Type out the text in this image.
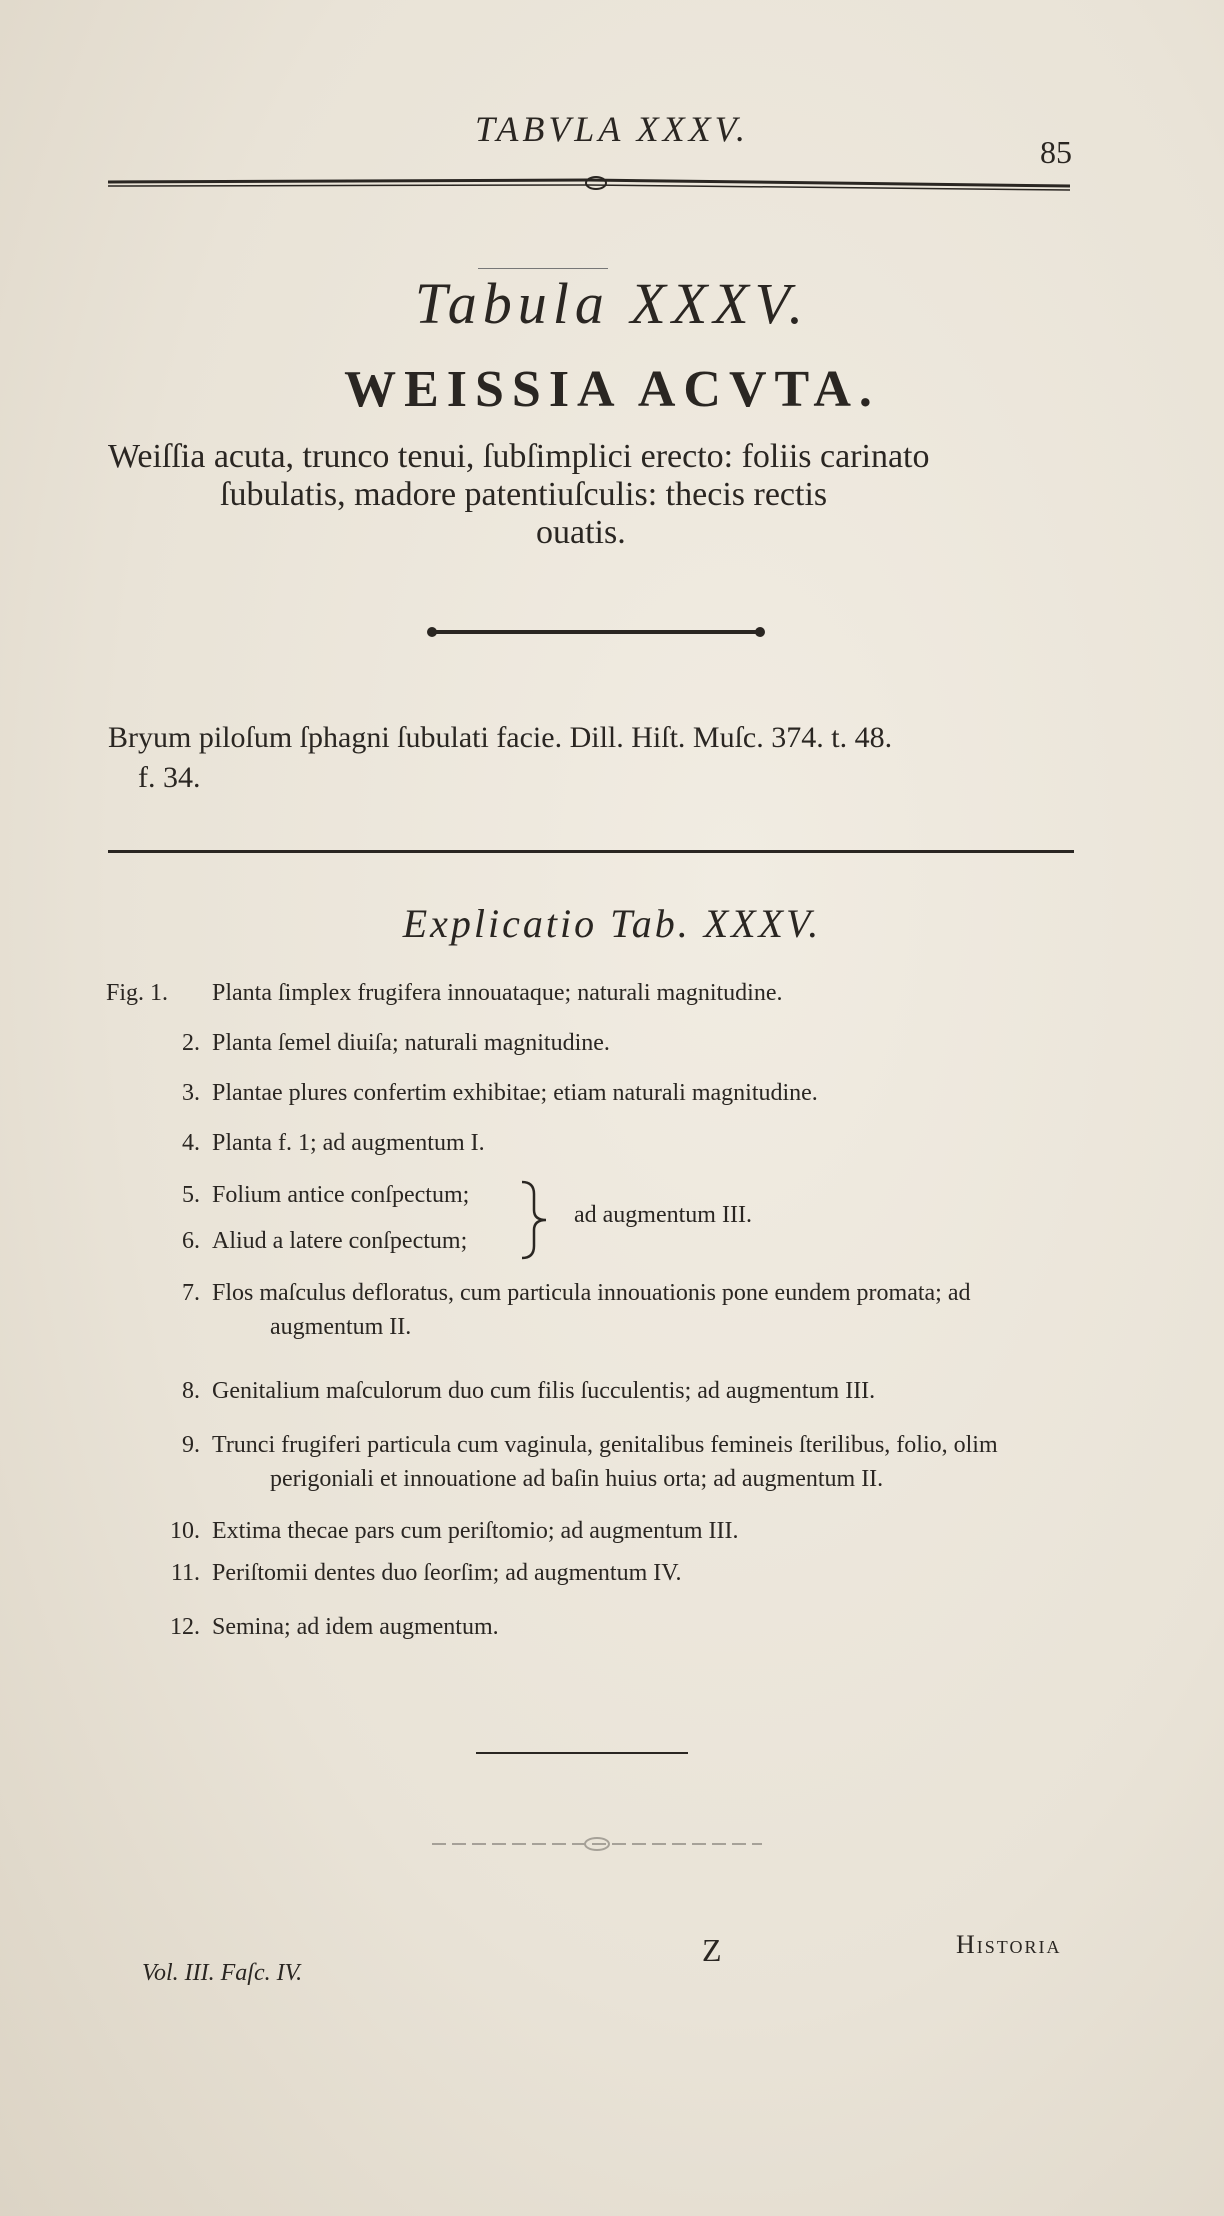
TABVLA XXXV.
85
Tabula XXXV.
WEISSIA ACVTA.
Weiſſia acuta, trunco tenui, ſubſimplici erecto: foliis carinato
ſubulatis, madore patentiuſculis: thecis rectis
ouatis.
Bryum piloſum ſphagni ſubulati facie. Dill. Hiſt. Muſc. 374. t. 48.
f. 34.
Explicatio Tab. XXXV.
Fig. 1.	Planta ſimplex frugifera innouataque; naturali magnitudine.
2. Planta ſemel diuiſa; naturali magnitudine.
3. Plantae plures confertim exhibitae; etiam naturali magnitudine.
4. Planta f. 1; ad augmentum I.
5. Folium antice conſpectum;
6. Aliud a latere conſpectum;
ad augmentum III.
7. Flos maſculus defloratus, cum particula innouationis pone eundem promata; ad
augmentum II.
8. Genitalium maſculorum duo cum filis ſucculentis; ad augmentum III.
9. Trunci frugiferi particula cum vaginula, genitalibus femineis ſterilibus, folio, olim
perigoniali et innouatione ad baſin huius orta; ad augmentum II.
10. Extima thecae pars cum periſtomio; ad augmentum III.
11. Periſtomii dentes duo ſeorſim; ad augmentum IV.
12. Semina; ad idem augmentum.
Vol. III. Faſc. IV.
Z	Historia
